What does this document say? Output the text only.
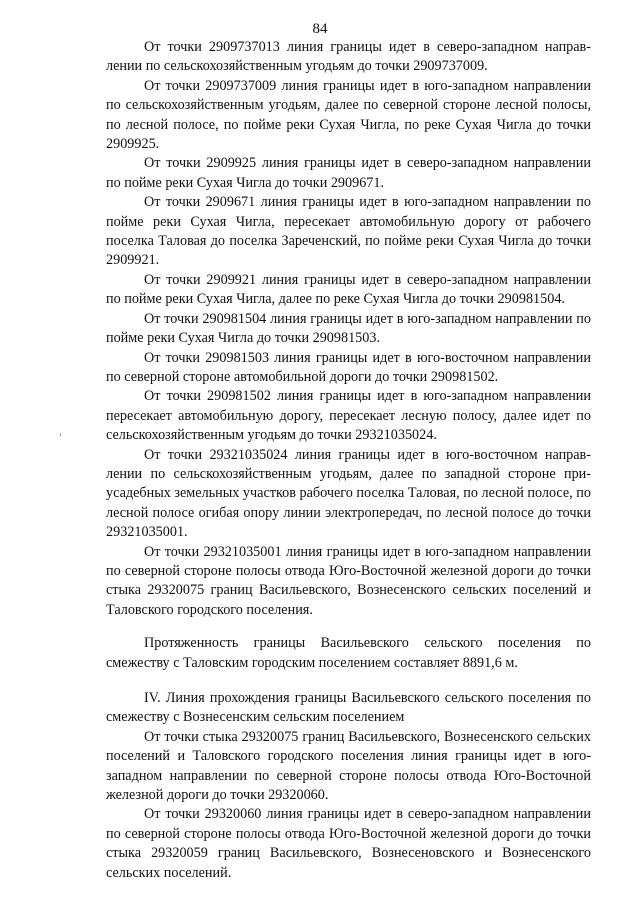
84

От точки 2909737013 линия границы идет в северо-западном направлении по сельскохозяйственным угодьям до точки 2909737009.

От точки 2909737009 линия границы идет в юго-западном направлении по сельскохозяйственным угодьям, далее по северной стороне лесной полосы, по лесной полосе, по пойме реки Сухая Чигла, по реке Сухая Чигла до точки 2909925.

От точки 2909925 линия границы идет в северо-западном направлении по пойме реки Сухая Чигла до точки 2909671.

От точки 2909671 линия границы идет в юго-западном направлении по пойме реки Сухая Чигла, пересекает автомобильную дорогу от рабочего поселка Таловая до поселка Зареченский, по пойме реки Сухая Чигла до точки 2909921.

От точки 2909921 линия границы идет в северо-западном направлении по пойме реки Сухая Чигла, далее по реке Сухая Чигла до точки 290981504.

От точки 290981504 линия границы идет в юго-западном направлении по пойме реки Сухая Чигла до точки 290981503.

От точки 290981503 линия границы идет в юго-восточном направлении по северной стороне автомобильной дороги до точки 290981502.

От точки 290981502 линия границы идет в юго-западном направлении пересекает автомобильную дорогу, пересекает лесную полосу, далее идет по сельскохозяйственным угодьям до точки 29321035024.

От точки 29321035024 линия границы идет в юго-восточном направлении по сельскохозяйственным угодьям, далее по западной стороне приусадебных земельных участков рабочего поселка Таловая, по лесной полосе, по лесной полосе огибая опору линии электропередач, по лесной полосе до точки 29321035001.

От точки 29321035001 линия границы идет в юго-западном направлении по северной стороне полосы отвода Юго-Восточной железной дороги до точки стыка 29320075 границ Васильевского, Вознесенского сельских поселений и Таловского городского поселения.

Протяженность границы Васильевского сельского поселения по смежеству с Таловским городским поселением составляет 8891,6 м.

IV. Линия прохождения границы Васильевского сельского поселения по смежеству с Вознесенским сельским поселением

От точки стыка 29320075 границ Васильевского, Вознесенского сельских поселений и Таловского городского поселения линия границы идет в юго-западном направлении по северной стороне полосы отвода Юго-Восточной железной дороги до точки 29320060.

От точки 29320060 линия границы идет в северо-западном направлении по северной стороне полосы отвода Юго-Восточной железной дороги до точки стыка 29320059 границ Васильевского, Вознесеновского и Вознесенского сельских поселений.
